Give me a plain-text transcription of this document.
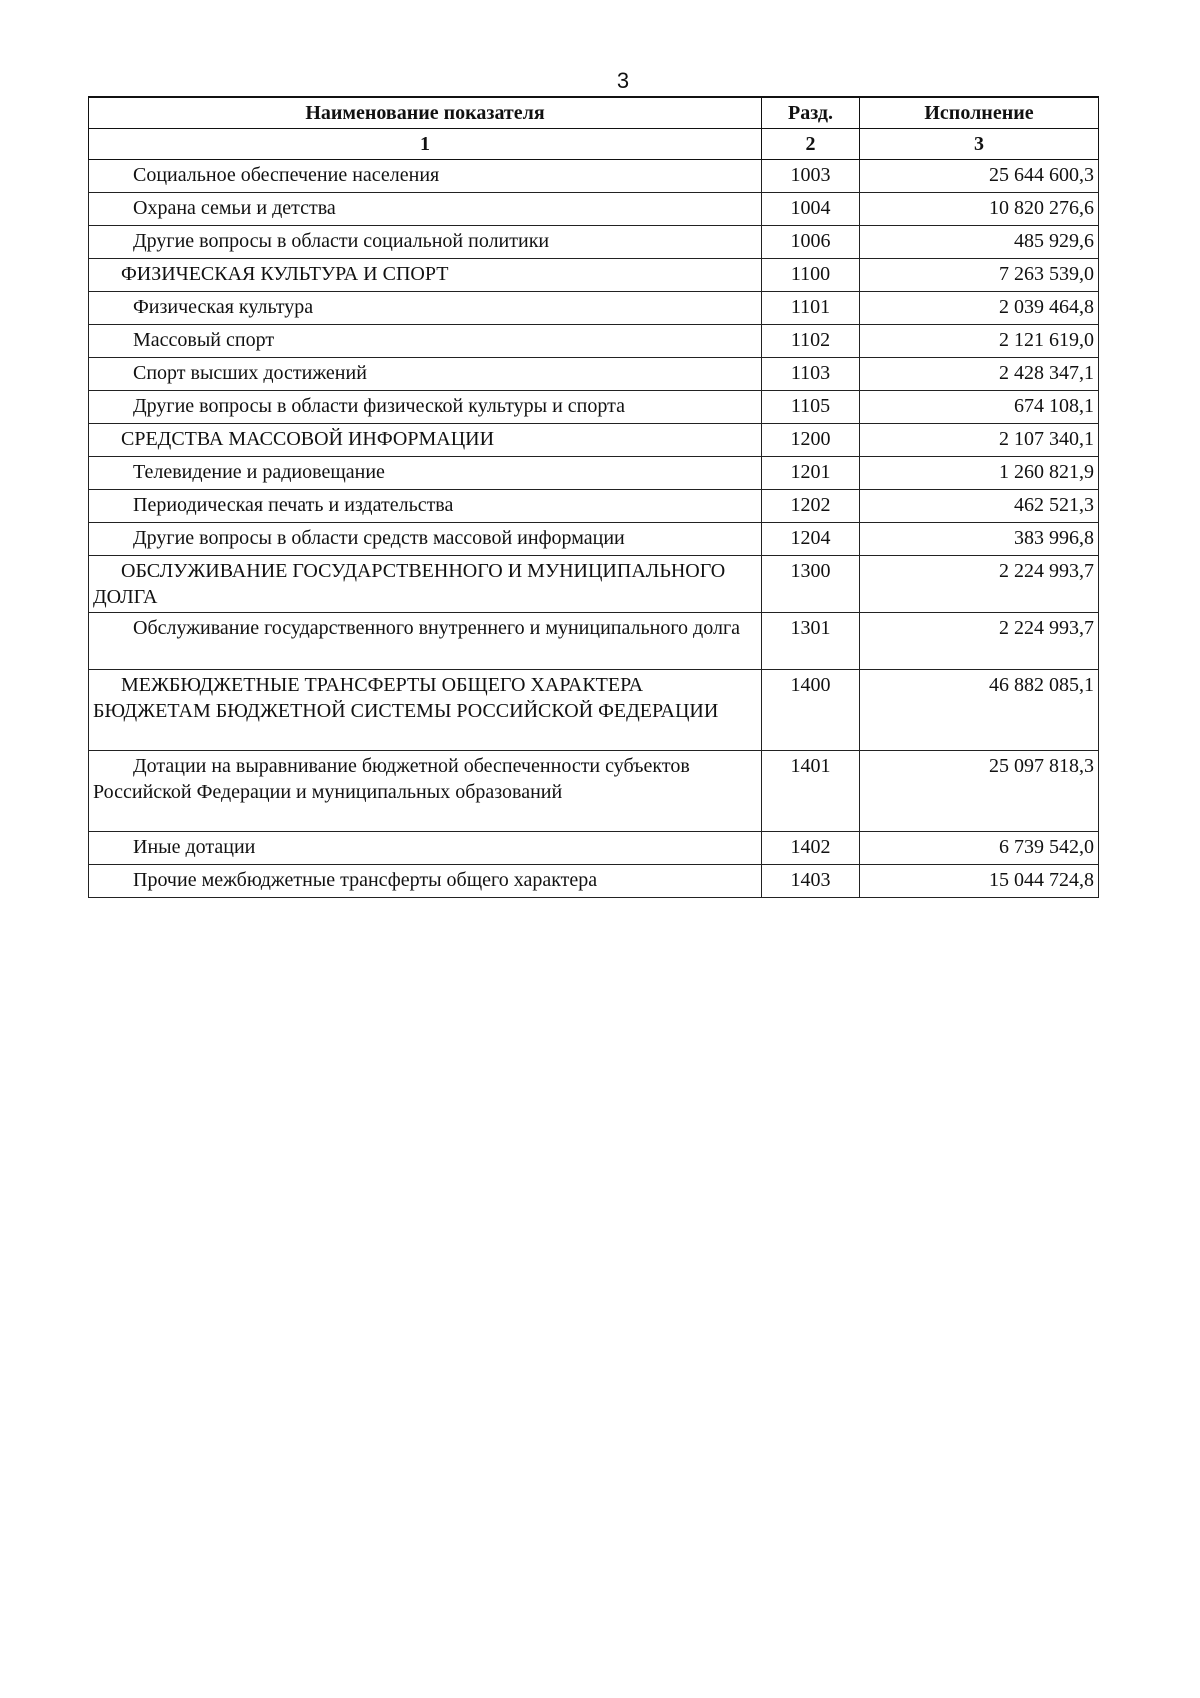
3
Наименование показателя	Разд.	Исполнение
1	2	3
Социальное обеспечение населения	1003	25 644 600,3
Охрана семьи и детства	1004	10 820 276,6
Другие вопросы в области социальной политики	1006	485 929,6
ФИЗИЧЕСКАЯ КУЛЬТУРА И СПОРТ	1100	7 263 539,0
Физическая культура	1101	2 039 464,8
Массовый спорт	1102	2 121 619,0
Спорт высших достижений	1103	2 428 347,1
Другие вопросы в области физической культуры и спорта	1105	674 108,1
СРЕДСТВА МАССОВОЙ ИНФОРМАЦИИ	1200	2 107 340,1
Телевидение и радиовещание	1201	1 260 821,9
Периодическая печать и издательства	1202	462 521,3
Другие вопросы в области средств массовой информации	1204	383 996,8
ОБСЛУЖИВАНИЕ ГОСУДАРСТВЕННОГО И МУНИЦИПАЛЬНОГО ДОЛГА	1300	2 224 993,7
Обслуживание государственного внутреннего и муниципального долга	1301	2 224 993,7
МЕЖБЮДЖЕТНЫЕ ТРАНСФЕРТЫ ОБЩЕГО ХАРАКТЕРА БЮДЖЕТАМ БЮДЖЕТНОЙ СИСТЕМЫ РОССИЙСКОЙ ФЕДЕРАЦИИ	1400	46 882 085,1
Дотации на выравнивание бюджетной обеспеченности субъектов Российской Федерации и муниципальных образований	1401	25 097 818,3
Иные дотации	1402	6 739 542,0
Прочие межбюджетные трансферты общего характера	1403	15 044 724,8
